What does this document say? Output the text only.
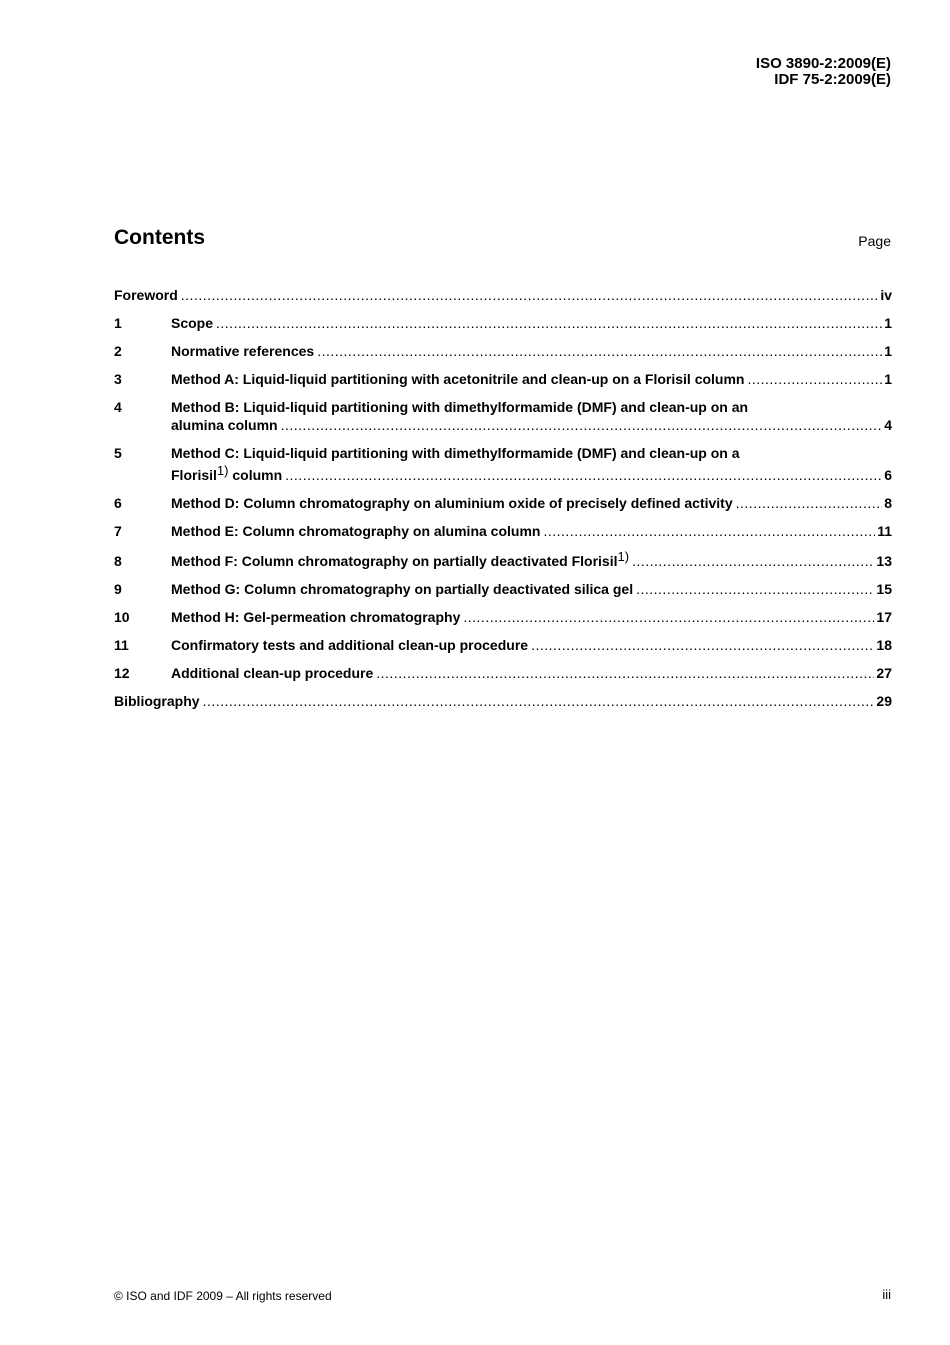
ISO 3890-2:2009(E)
IDF 75-2:2009(E)
Contents	Page
Foreword .....	iv
1	Scope .....	1
2	Normative references .....	1
3	Method A: Liquid-liquid partitioning with acetonitrile and clean-up on a Florisil column .....	1
4	Method B: Liquid-liquid partitioning with dimethylformamide (DMF) and clean-up on an
alumina column .....	4
5	Method C: Liquid-liquid partitioning with dimethylformamide (DMF) and clean-up on a
Florisil$^{1)}$ column .....	6
6	Method D: Column chromatography on aluminium oxide of precisely defined activity .....	8
7	Method E: Column chromatography on alumina column .....	11
8	Method F: Column chromatography on partially deactivated Florisil$^{1)}$ .....	13
9	Method G: Column chromatography on partially deactivated silica gel .....	15
10	Method H: Gel-permeation chromatography .....	17
11	Confirmatory tests and additional clean-up procedure .....	18
12	Additional clean-up procedure .....	27
Bibliography .....	29
© ISO and IDF 2009 – All rights reserved	iii
